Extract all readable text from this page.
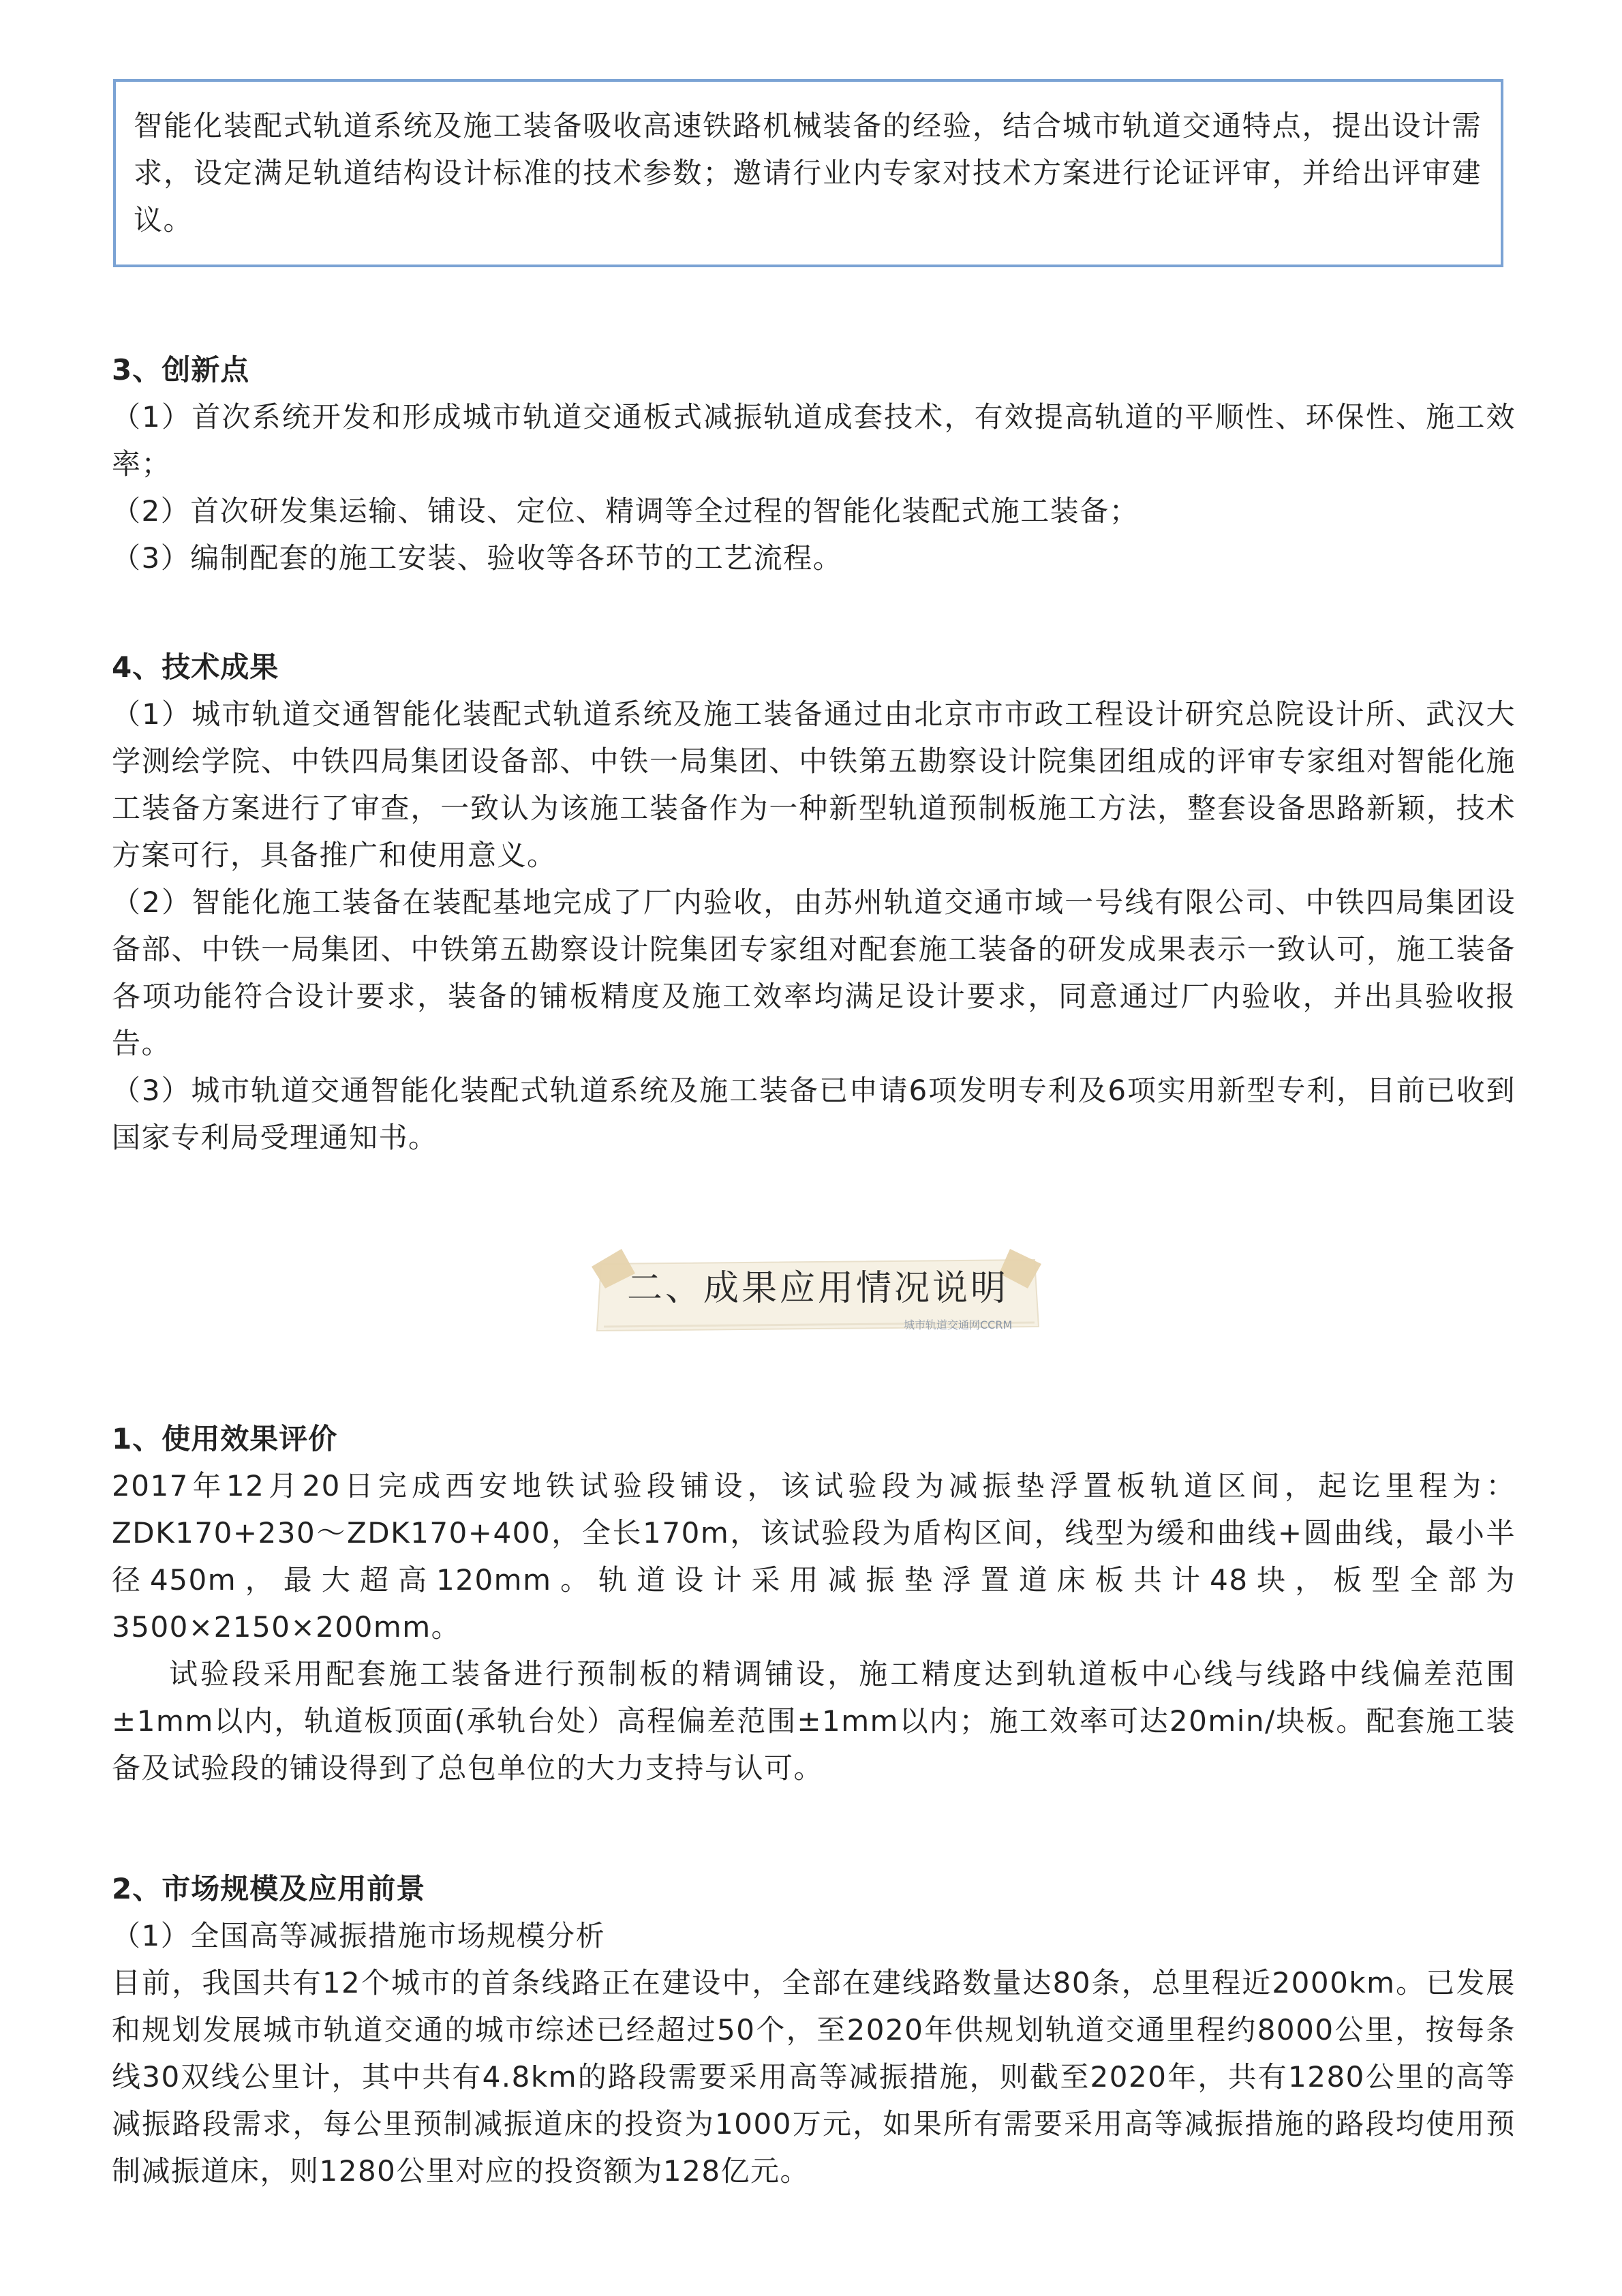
智能化装配式轨道系统及施工装备吸收高速铁路机械装备的经验，结合城市轨道交通特点，提出设计需求，设定满足轨道结构设计标准的技术参数；邀请行业内专家对技术方案进行论证评审，并给出评审建议。

3、创新点

（1）首次系统开发和形成城市轨道交通板式减振轨道成套技术，有效提高轨道的平顺性、环保性、施工效率；

（2）首次研发集运输、铺设、定位、精调等全过程的智能化装配式施工装备；

（3）编制配套的施工安装、验收等各环节的工艺流程。

4、技术成果

（1）城市轨道交通智能化装配式轨道系统及施工装备通过由北京市市政工程设计研究总院设计所、武汉大学测绘学院、中铁四局集团设备部、中铁一局集团、中铁第五勘察设计院集团组成的评审专家组对智能化施工装备方案进行了审查，一致认为该施工装备作为一种新型轨道预制板施工方法，整套设备思路新颖，技术方案可行，具备推广和使用意义。

（2）智能化施工装备在装配基地完成了厂内验收，由苏州轨道交通市域一号线有限公司、中铁四局集团设备部、中铁一局集团、中铁第五勘察设计院集团专家组对配套施工装备的研发成果表示一致认可，施工装备各项功能符合设计要求，装备的铺板精度及施工效率均满足设计要求，同意通过厂内验收，并出具验收报告。

（3）城市轨道交通智能化装配式轨道系统及施工装备已申请6项发明专利及6项实用新型专利，目前已收到国家专利局受理通知书。

二、成果应用情况说明
城市轨道交通网CCRM
1、使用效果评价

2017年12月20日完成西安地铁试验段铺设，该试验段为减振垫浮置板轨道区间，起讫里程为：ZDK170+230～ZDK170+400，全长170m，该试验段为盾构区间，线型为缓和曲线+圆曲线，最小半径450m，最大超高120mm。轨道设计采用减振垫浮置道床板共计48块，板型全部为3500×2150×200mm。

试验段采用配套施工装备进行预制板的精调铺设，施工精度达到轨道板中心线与线路中线偏差范围±1mm以内，轨道板顶面(承轨台处）高程偏差范围±1mm以内；施工效率可达20min/块板。配套施工装备及试验段的铺设得到了总包单位的大力支持与认可。

2、市场规模及应用前景

（1）全国高等减振措施市场规模分析

目前，我国共有12个城市的首条线路正在建设中，全部在建线路数量达80条，总里程近2000km。已发展和规划发展城市轨道交通的城市综述已经超过50个，至2020年供规划轨道交通里程约8000公里，按每条线30双线公里计，其中共有4.8km的路段需要采用高等减振措施，则截至2020年，共有1280公里的高等减振路段需求，每公里预制减振道床的投资为1000万元，如果所有需要采用高等减振措施的路段均使用预制减振道床，则1280公里对应的投资额为128亿元。
